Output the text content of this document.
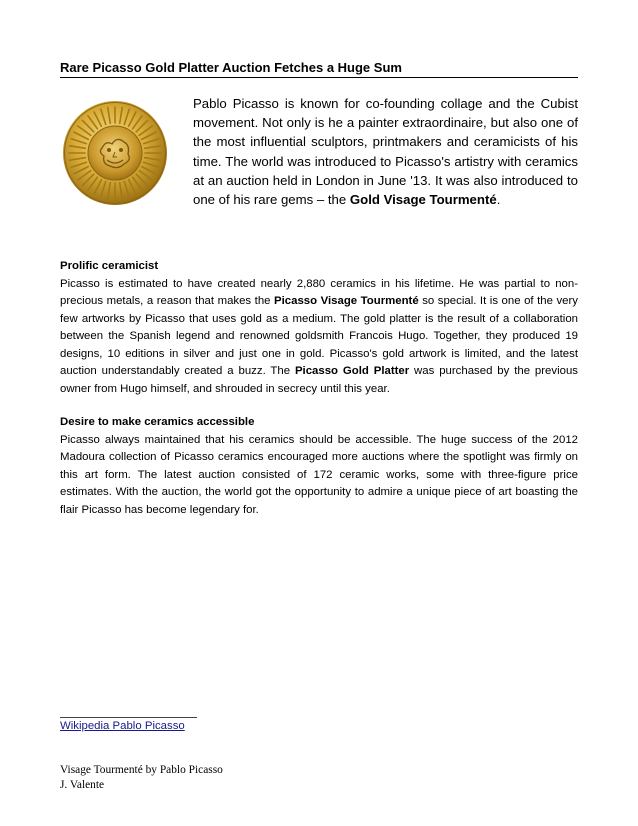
Rare Picasso Gold Platter Auction Fetches a Huge Sum
Pablo Picasso is known for co-founding collage and the Cubist movement. Not only is he a painter extraordinaire, but also one of the most influential sculptors, printmakers and ceramicists of his time. The world was introduced to Picasso's artistry with ceramics at an auction held in London in June '13. It was also introduced to one of his rare gems – the Gold Visage Tourmenté.
Prolific ceramicist
Picasso is estimated to have created nearly 2,880 ceramics in his lifetime. He was partial to non-precious metals, a reason that makes the Picasso Visage Tourmenté so special. It is one of the very few artworks by Picasso that uses gold as a medium. The gold platter is the result of a collaboration between the Spanish legend and renowned goldsmith Francois Hugo. Together, they produced 19 designs, 10 editions in silver and just one in gold. Picasso's gold artwork is limited, and the latest auction understandably created a buzz. The Picasso Gold Platter was purchased by the previous owner from Hugo himself, and shrouded in secrecy until this year.
Desire to make ceramics accessible
Picasso always maintained that his ceramics should be accessible. The huge success of the 2012 Madoura collection of Picasso ceramics encouraged more auctions where the spotlight was firmly on this art form. The latest auction consisted of 172 ceramic works, some with three-figure price estimates. With the auction, the world got the opportunity to admire a unique piece of art boasting the flair Picasso has become legendary for.
Wikipedia Pablo Picasso
Visage Tourmenté by Pablo Picasso
J. Valente
